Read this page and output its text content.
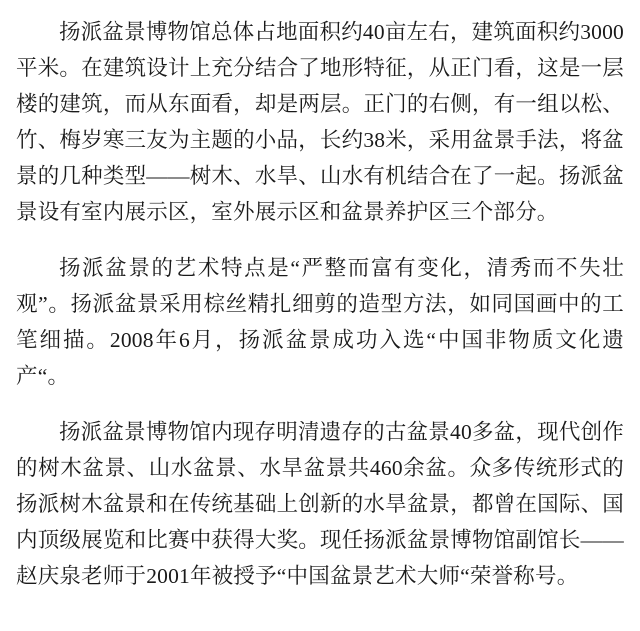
扬派盆景博物馆总体占地面积约40亩左右，建筑面积约3000平米。在建筑设计上充分结合了地形特征，从正门看，这是一层楼的建筑，而从东面看，却是两层。正门的右侧，有一组以松、竹、梅岁寒三友为主题的小品，长约38米，采用盆景手法，将盆景的几种类型——树木、水旱、山水有机结合在了一起。扬派盆景设有室内展示区，室外展示区和盆景养护区三个部分。

扬派盆景的艺术特点是“严整而富有变化，清秀而不失壮观”。扬派盆景采用棕丝精扎细剪的造型方法，如同国画中的工笔细描。2008年6月，扬派盆景成功入选“中国非物质文化遗产“。

扬派盆景博物馆内现存明清遗存的古盆景40多盆，现代创作的树木盆景、山水盆景、水旱盆景共460余盆。众多传统形式的扬派树木盆景和在传统基础上创新的水旱盆景，都曾在国际、国内顶级展览和比赛中获得大奖。现任扬派盆景博物馆副馆长——赵庆泉老师于2001年被授予“中国盆景艺术大师“荣誉称号。
